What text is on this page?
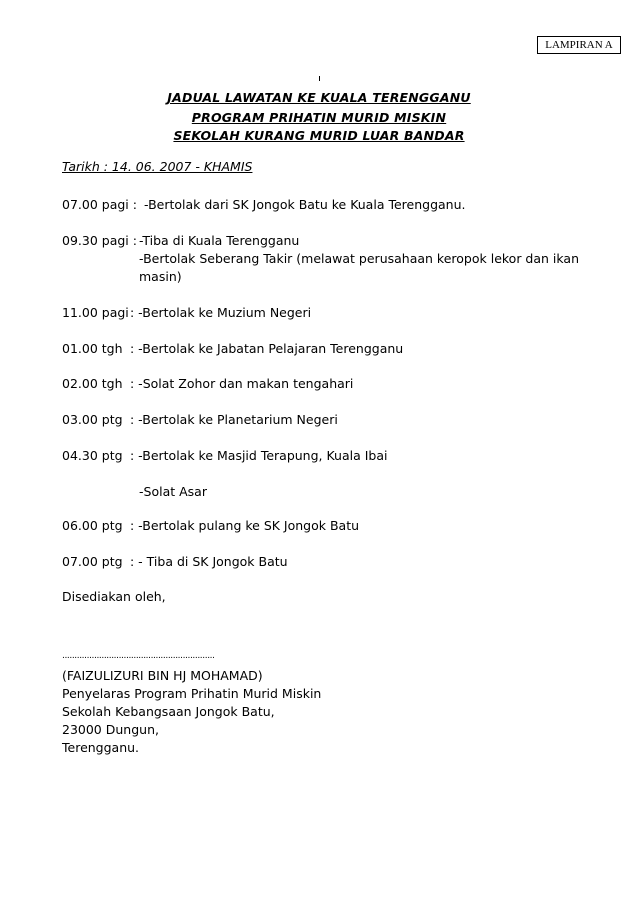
LAMPIRAN A
JADUAL LAWATAN KE KUALA TERENGGANU
PROGRAM PRIHATIN MURID MISKIN
SEKOLAH KURANG MURID LUAR BANDAR
Tarikh : 14. 06. 2007 - KHAMIS
07.00 pagi : -Bertolak dari SK Jongok Batu ke Kuala Terengganu.
09.30 pagi : -Tiba di Kuala Terengganu
-Bertolak Seberang Takir (melawat perusahaan keropok lekor dan ikan
masin)
11.00 pagi : -Bertolak ke Muzium Negeri
01.00 tgh : -Bertolak ke Jabatan Pelajaran Terengganu
02.00 tgh : -Solat Zohor dan makan tengahari
03.00 ptg : -Bertolak ke Planetarium Negeri
04.30 ptg : -Bertolak ke Masjid Terapung, Kuala Ibai
-Solat Asar
06.00 ptg : -Bertolak pulang ke SK Jongok Batu
07.00 ptg : - Tiba di SK Jongok Batu
Disediakan oleh,
..............................................................
(FAIZULIZURI BIN HJ MOHAMAD)
Penyelaras Program Prihatin Murid Miskin
Sekolah Kebangsaan Jongok Batu,
23000 Dungun,
Terengganu.
